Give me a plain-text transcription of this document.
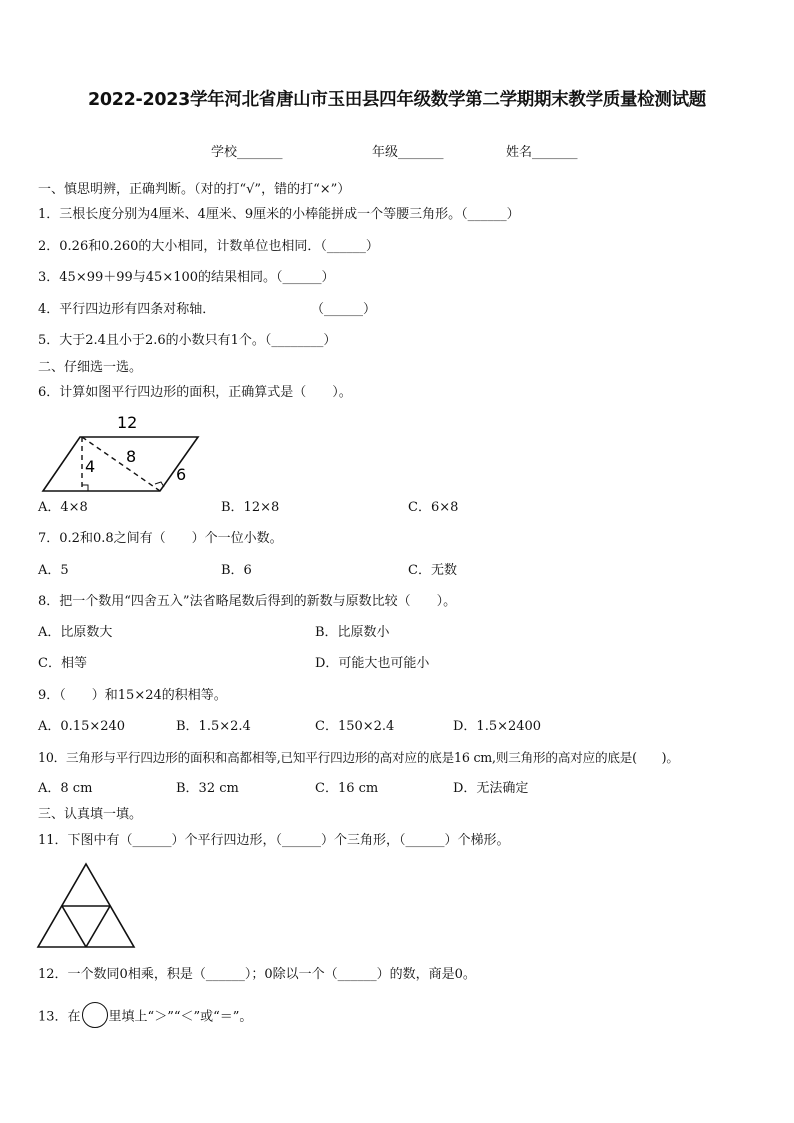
2022-2023学年河北省唐山市玉田县四年级数学第二学期期末教学质量检测试题
学校_______	年级_______	姓名_______
一、慎思明辨，正确判断。（对的打“√”，错的打“×”）
1．三根长度分别为4厘米、4厘米、9厘米的小棒能拼成一个等腰三角形。（______）
2．0.26和0.260的大小相同，计数单位也相同．（______）
3．45×99＋99与45×100的结果相同。（______）
4．平行四边形有四条对称轴．	（______）
5．大于2.4且小于2.6的小数只有1个。（________）
二、仔细选一选。
6．计算如图平行四边形的面积，正确算式是（　　）。
12
4
8
6
A．4×8	B．12×8	C．6×8
7．0.2和0.8之间有（　　）个一位小数。
A．5	B．6	C．无数
8．把一个数用“四舍五入”法省略尾数后得到的新数与原数比较（　　）。
A．比原数大	B．比原数小
C．相等	D．可能大也可能小
9．（　　）和15×24的积相等。
A．0.15×240	B．1.5×2.4	C．150×2.4	D．1.5×2400
10．三角形与平行四边形的面积和高都相等,已知平行四边形的高对应的底是16 cm,则三角形的高对应的底是(　　)。
A．8 cm	B．32 cm	C．16 cm	D．无法确定
三、认真填一填。
11．下图中有（______）个平行四边形，（______）个三角形，（______）个梯形。
12．一个数同0相乘，积是（______）；0除以一个（______）的数，商是0。
13．在 里填上“＞”“＜”或“＝”。
